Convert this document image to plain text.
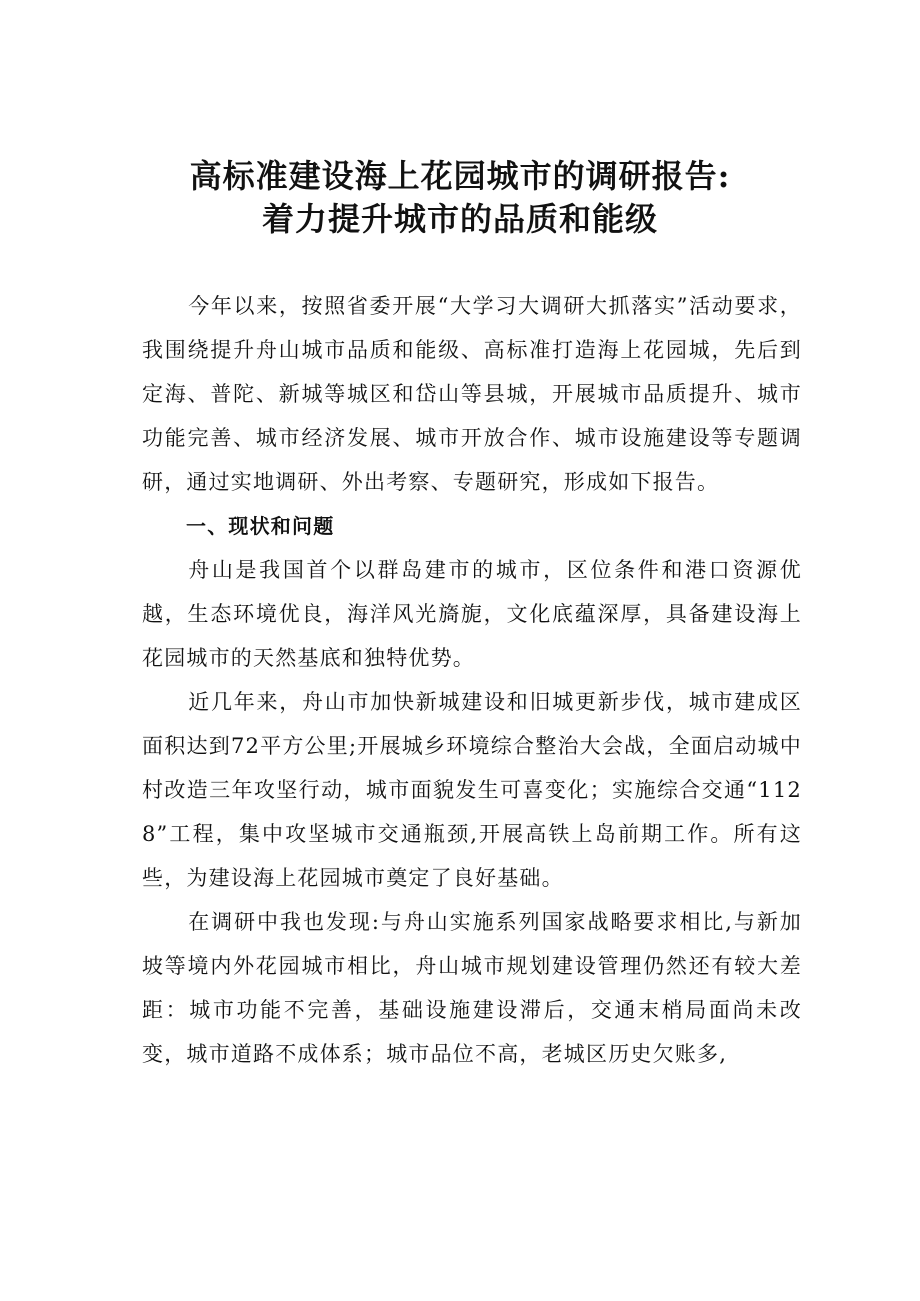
高标准建设海上花园城市的调研报告:
着力提升城市的品质和能级

今年以来，按照省委开展“大学习大调研大抓落实”活动要求，我围绕提升舟山城市品质和能级、高标准打造海上花园城，先后到定海、普陀、新城等城区和岱山等县城，开展城市品质提升、城市功能完善、城市经济发展、城市开放合作、城市设施建设等专题调研，通过实地调研、外出考察、专题研究，形成如下报告。

一、现状和问题

舟山是我国首个以群岛建市的城市，区位条件和港口资源优越，生态环境优良，海洋风光旖旎，文化底蕴深厚，具备建设海上花园城市的天然基底和独特优势。

近几年来，舟山市加快新城建设和旧城更新步伐，城市建成区面积达到72平方公里;开展城乡环境综合整治大会战，全面启动城中村改造三年攻坚行动，城市面貌发生可喜变化；实施综合交通“1128”工程，集中攻坚城市交通瓶颈,开展高铁上岛前期工作。所有这些，为建设海上花园城市奠定了良好基础。

在调研中我也发现:与舟山实施系列国家战略要求相比,与新加坡等境内外花园城市相比，舟山城市规划建设管理仍然还有较大差距：城市功能不完善，基础设施建设滞后，交通末梢局面尚未改变，城市道路不成体系；城市品位不高，老城区历史欠账多,
